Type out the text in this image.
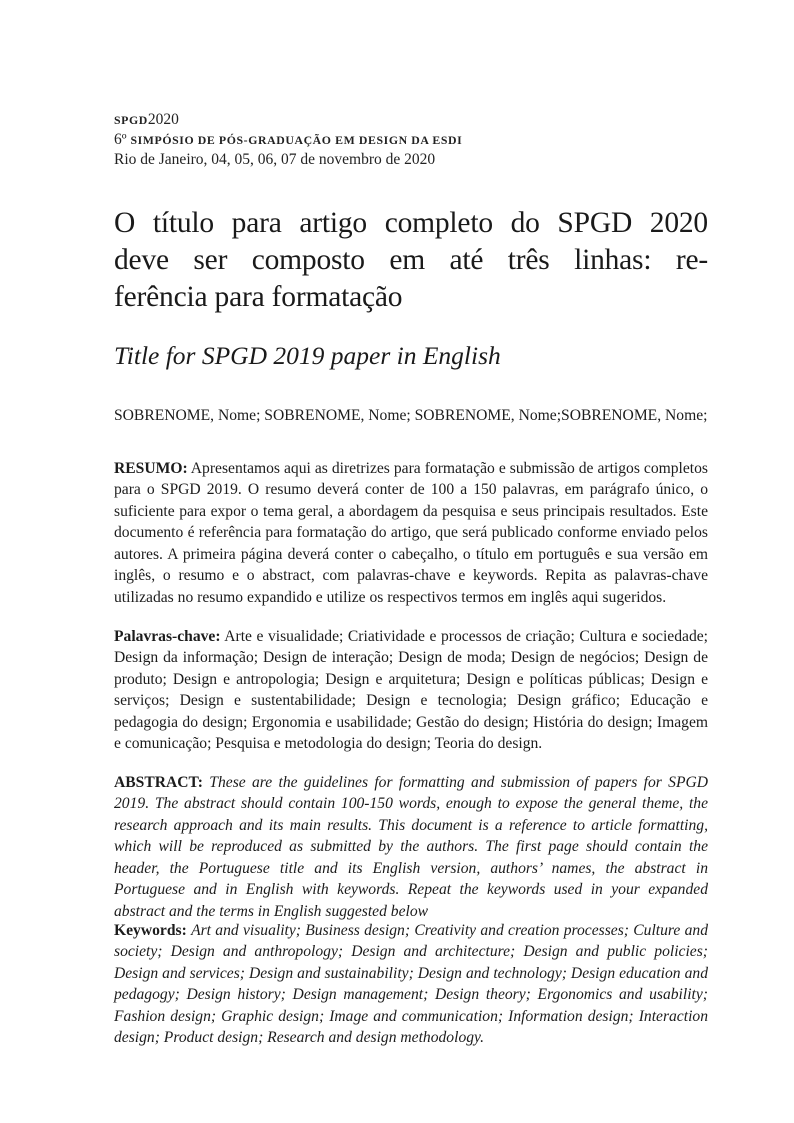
SPGD2020
6º SIMPÓSIO DE PÓS-GRADUAÇÃO EM DESIGN DA ESDI
Rio de Janeiro, 04, 05, 06, 07 de novembro de 2020
O título para artigo completo do SPGD 2020
deve ser composto em até três linhas: re-
ferência para formatação
Title for SPGD 2019 paper in English
SOBRENOME, Nome; SOBRENOME, Nome; SOBRENOME, Nome;SOBRENOME, Nome;

RESUMO: Apresentamos aqui as diretrizes para formatação e submissão de artigos completos para o SPGD 2019. O resumo deverá conter de 100 a 150 palavras, em parágrafo único, o suficiente para expor o tema geral, a abordagem da pesquisa e seus principais resultados. Este documento é referência para formatação do artigo, que será publicado conforme enviado pelos autores. A primeira página deverá conter o cabeçalho, o título em português e sua versão em inglês, o resumo e o abstract, com palavras-chave e keywords. Repita as palavras-chave utilizadas no resumo expandido e utilize os respectivos termos em inglês aqui sugeridos.

Palavras-chave: Arte e visualidade; Criatividade e processos de criação; Cultura e sociedade; Design da informação; Design de interação; Design de moda; Design de negócios; Design de produto; Design e antropologia; Design e arquitetura; Design e políticas públicas; Design e serviços; Design e sustentabilidade; Design e tecnologia; Design gráfico; Educação e pedagogia do design; Ergonomia e usabilidade; Gestão do design; História do design; Imagem e comunicação; Pesquisa e metodologia do design; Teoria do design.

ABSTRACT: These are the guidelines for formatting and submission of papers for SPGD 2019. The abstract should contain 100-150 words, enough to expose the general theme, the research approach and its main results. This document is a reference to article formatting, which will be reproduced as submitted by the authors. The first page should contain the header, the Portuguese title and its English version, authors’ names, the abstract in Portuguese and in English with keywords. Repeat the keywords used in your expanded abstract and the terms in English suggested below

Keywords: Art and visuality; Business design; Creativity and creation processes; Culture and society; Design and anthropology; Design and architecture; Design and public policies; Design and services; Design and sustainability; Design and technology; Design education and pedagogy; Design history; Design management; Design theory; Ergonomics and usability; Fashion design; Graphic design; Image and communication; Information design; Interaction design; Product design; Research and design methodology.
